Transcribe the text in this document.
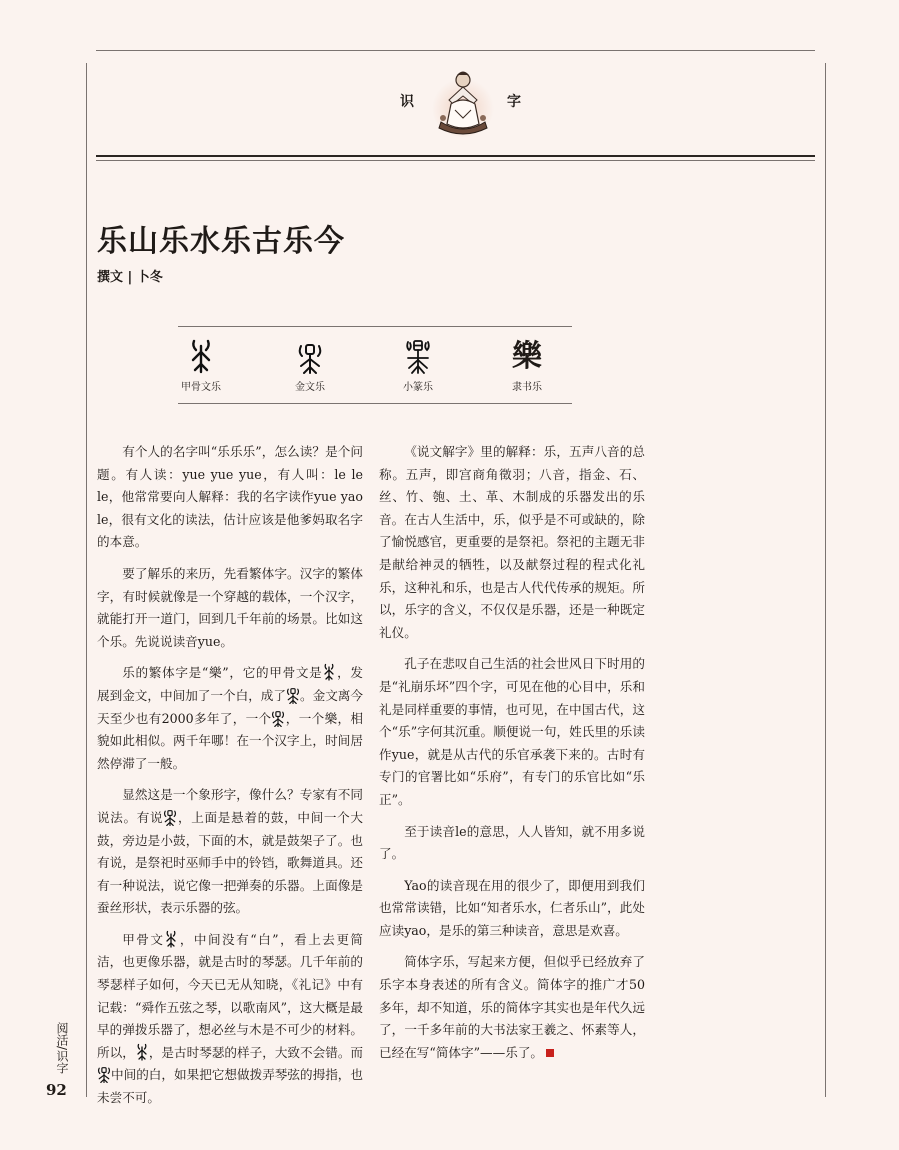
识	字
乐山乐水乐古乐今
撰文 | 卜冬
甲骨文乐	金文乐	小篆乐
樂
隶书乐

有个人的名字叫“乐乐乐”，怎么读？是个问题。有人读：yue yue yue，有人叫：le le le，他常常要向人解释：我的名字读作yue yao le，很有文化的读法，估计应该是他爹妈取名字的本意。

要了解乐的来历，先看繁体字。汉字的繁体字，有时候就像是一个穿越的载体，一个汉字，就能打开一道门，回到几千年前的场景。比如这个乐。先说说读音yue。

乐的繁体字是“樂”，它的甲骨文是 ，发展到金文，中间加了一个白，成了 。金文离今天至少也有2000多年了，一个 ，一个樂，相貌如此相似。两千年哪！在一个汉字上，时间居然停滞了一般。

显然这是一个象形字，像什么？专家有不同说法。有说 ，上面是悬着的鼓，中间一个大鼓，旁边是小鼓，下面的木，就是鼓架子了。也有说，是祭祀时巫师手中的铃铛，歌舞道具。还有一种说法，说它像一把弹奏的乐器。上面像是蚕丝形状，表示乐器的弦。

甲骨文 ，中间没有“白”，看上去更简洁，也更像乐器，就是古时的琴瑟。几千年前的琴瑟样子如何，今天已无从知晓，《礼记》中有记载：“舜作五弦之琴，以歌南风”，这大概是最早的弹拨乐器了，想必丝与木是不可少的材料。所以， ，是古时琴瑟的样子，大致不会错。而中间的白，如果把它想做拨弄琴弦的拇指，也未尝不可。

《说文解字》里的解释：乐，五声八音的总称。五声，即宫商角徵羽；八音，指金、石、丝、竹、匏、土、革、木制成的乐器发出的乐音。在古人生活中，乐，似乎是不可或缺的，除了愉悦感官，更重要的是祭祀。祭祀的主题无非是献给神灵的牺牲，以及献祭过程的程式化礼乐，这种礼和乐，也是古人代代传承的规矩。所以，乐字的含义，不仅仅是乐器，还是一种既定礼仪。

孔子在悲叹自己生活的社会世风日下时用的是“礼崩乐坏”四个字，可见在他的心目中，乐和礼是同样重要的事情，也可见，在中国古代，这个“乐”字何其沉重。顺便说一句，姓氏里的乐读作yue，就是从古代的乐官承袭下来的。古时有专门的官署比如“乐府”，有专门的乐官比如“乐正”。

至于读音le的意思，人人皆知，就不用多说了。

Yao的读音现在用的很少了，即便用到我们也常常读错，比如“知者乐水，仁者乐山”，此处应读yao，是乐的第三种读音，意思是欢喜。

简体字乐，写起来方便，但似乎已经放弃了乐字本身表述的所有含义。简体字的推广才50多年，却不知道，乐的简体字其实也是年代久远了，一千多年前的大书法家王羲之、怀素等人，已经在写“简体字”——乐了。

阅活/识字
92
